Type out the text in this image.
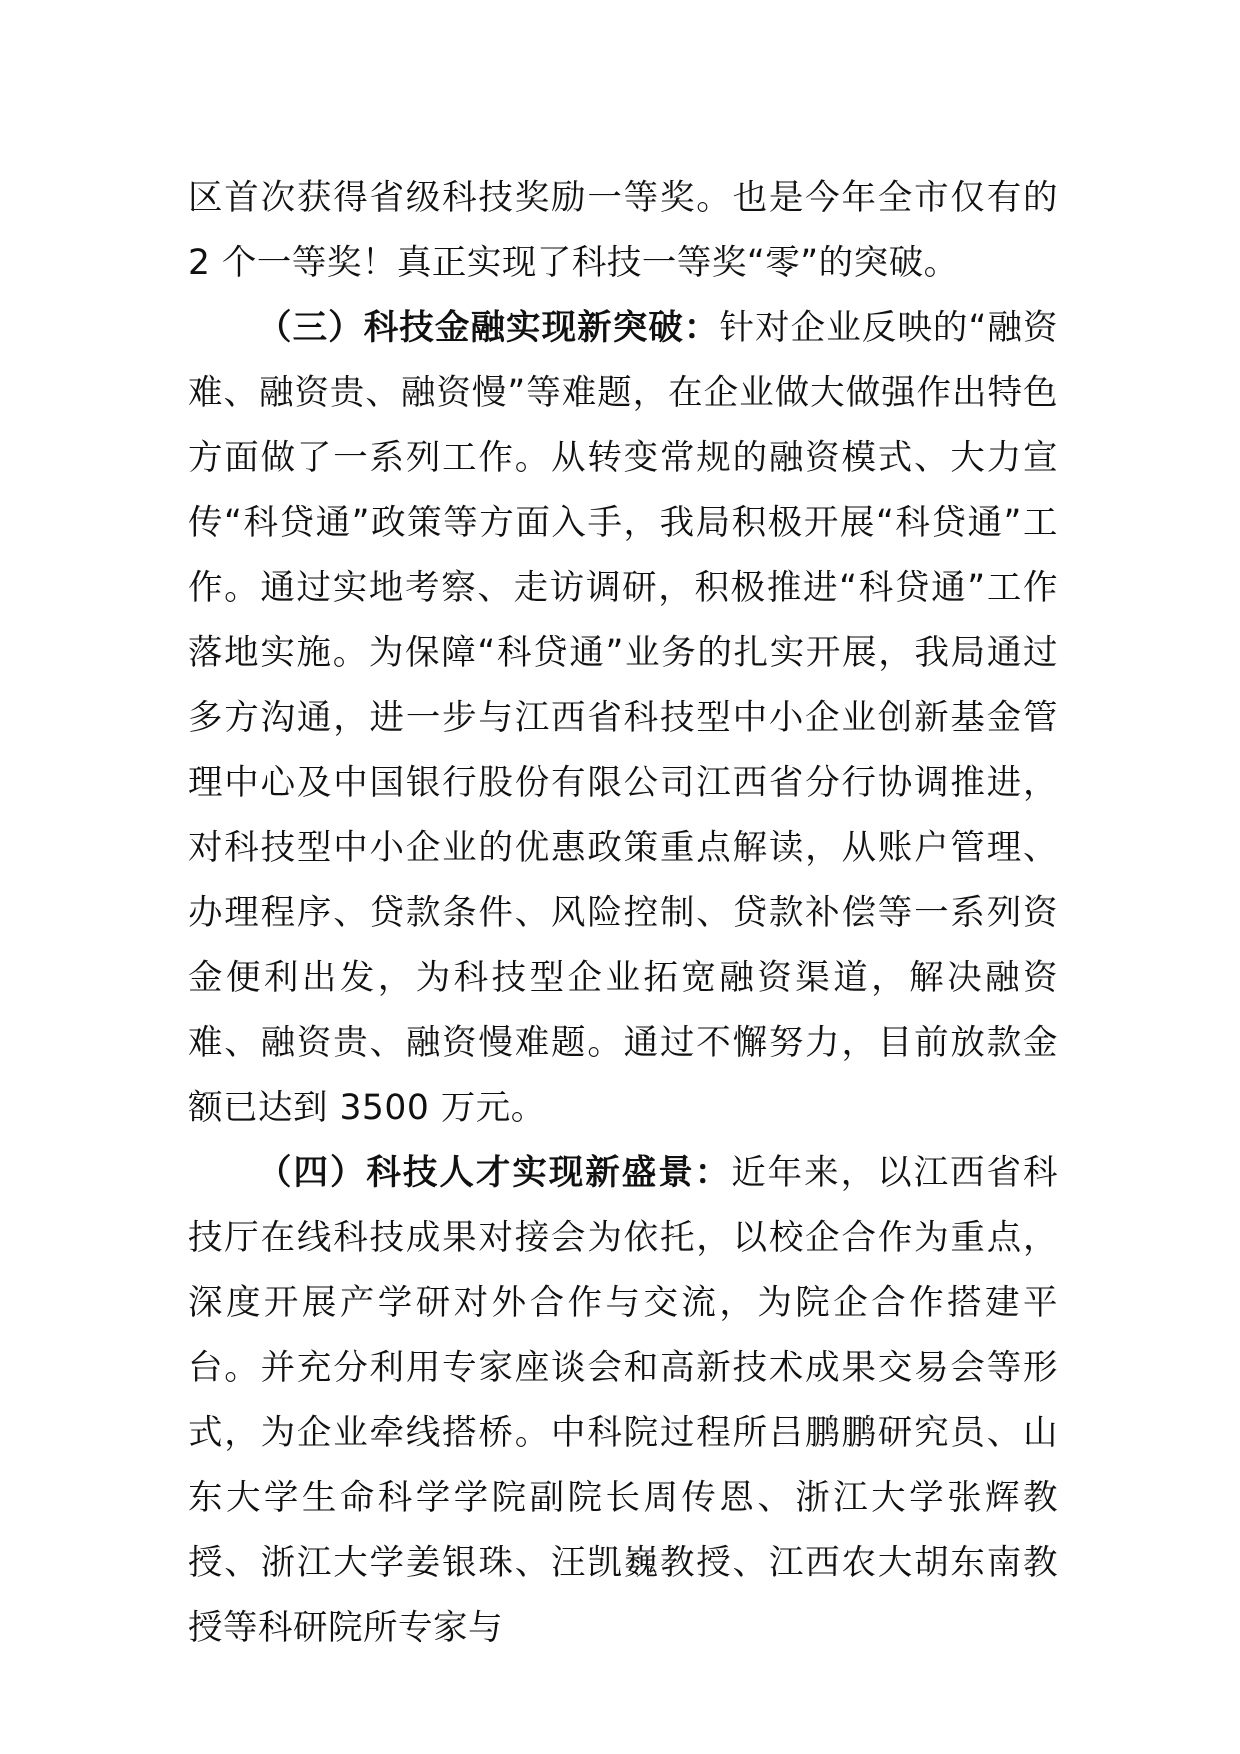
区首次获得省级科技奖励一等奖。也是今年全市仅有的 2 个一等奖！真正实现了科技一等奖“零”的突破。

（三）科技金融实现新突破：针对企业反映的“融资难、融资贵、融资慢”等难题，在企业做大做强作出特色方面做了一系列工作。从转变常规的融资模式、大力宣传“科贷通”政策等方面入手，我局积极开展“科贷通”工作。通过实地考察、走访调研，积极推进“科贷通”工作落地实施。为保障“科贷通”业务的扎实开展，我局通过多方沟通，进一步与江西省科技型中小企业创新基金管理中心及中国银行股份有限公司江西省分行协调推进，对科技型中小企业的优惠政策重点解读，从账户管理、办理程序、贷款条件、风险控制、贷款补偿等一系列资金便利出发，为科技型企业拓宽融资渠道，解决融资难、融资贵、融资慢难题。通过不懈努力，目前放款金额已达到 3500 万元。

（四）科技人才实现新盛景：近年来，以江西省科技厅在线科技成果对接会为依托，以校企合作为重点，深度开展产学研对外合作与交流，为院企合作搭建平台。并充分利用专家座谈会和高新技术成果交易会等形式，为企业牵线搭桥。中科院过程所吕鹏鹏研究员、山东大学生命科学学院副院长周传恩、浙江大学张辉教授、浙江大学姜银珠、汪凯巍教授、江西农大胡东南教授等科研院所专家与
